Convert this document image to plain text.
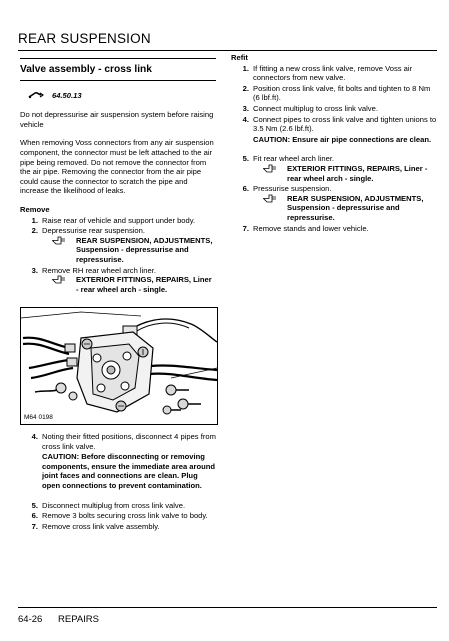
REAR SUSPENSION
Valve assembly - cross link
64.50.13

Do not depressurise air suspension system before raising vehicle

When removing Voss connectors from any air suspension component, the connector must be left attached to the air pipe being removed. Do not remove the connector from the air pipe. Removing the connector from the air pipe could cause the connector to scratch the pipe and increase the likelihood of leaks.

Remove
1. Raise rear of vehicle and support under body.
2. Depressurise rear suspension.
REAR SUSPENSION, ADJUSTMENTS, Suspension - depressurise and repressurise.
3. Remove RH rear wheel arch liner.
EXTERIOR FITTINGS, REPAIRS, Liner - rear wheel arch - single.
M64 0198
4. Noting their fitted positions, disconnect 4 pipes from cross link valve.
CAUTION: Before disconnecting or removing components, ensure the immediate area around joint faces and connections are clean. Plug open connections to prevent contamination.
5. Disconnect multiplug from cross link valve.
6. Remove 3 bolts securing cross link valve to body.
7. Remove cross link valve assembly.
Refit
1. If fitting a new cross link valve, remove Voss air connectors from new valve.
2. Position cross link valve, fit bolts and tighten to 8 Nm (6 lbf.ft).
3. Connect multiplug to cross link valve.
4. Connect pipes to cross link valve and tighten unions to 3.5 Nm (2.6 lbf.ft).
CAUTION: Ensure air pipe connections are clean.
5. Fit rear wheel arch liner.
EXTERIOR FITTINGS, REPAIRS, Liner - rear wheel arch - single.
6. Pressurise suspension.
REAR SUSPENSION, ADJUSTMENTS, Suspension - depressurise and repressurise.
7. Remove stands and lower vehicle.
64-26 REPAIRS
